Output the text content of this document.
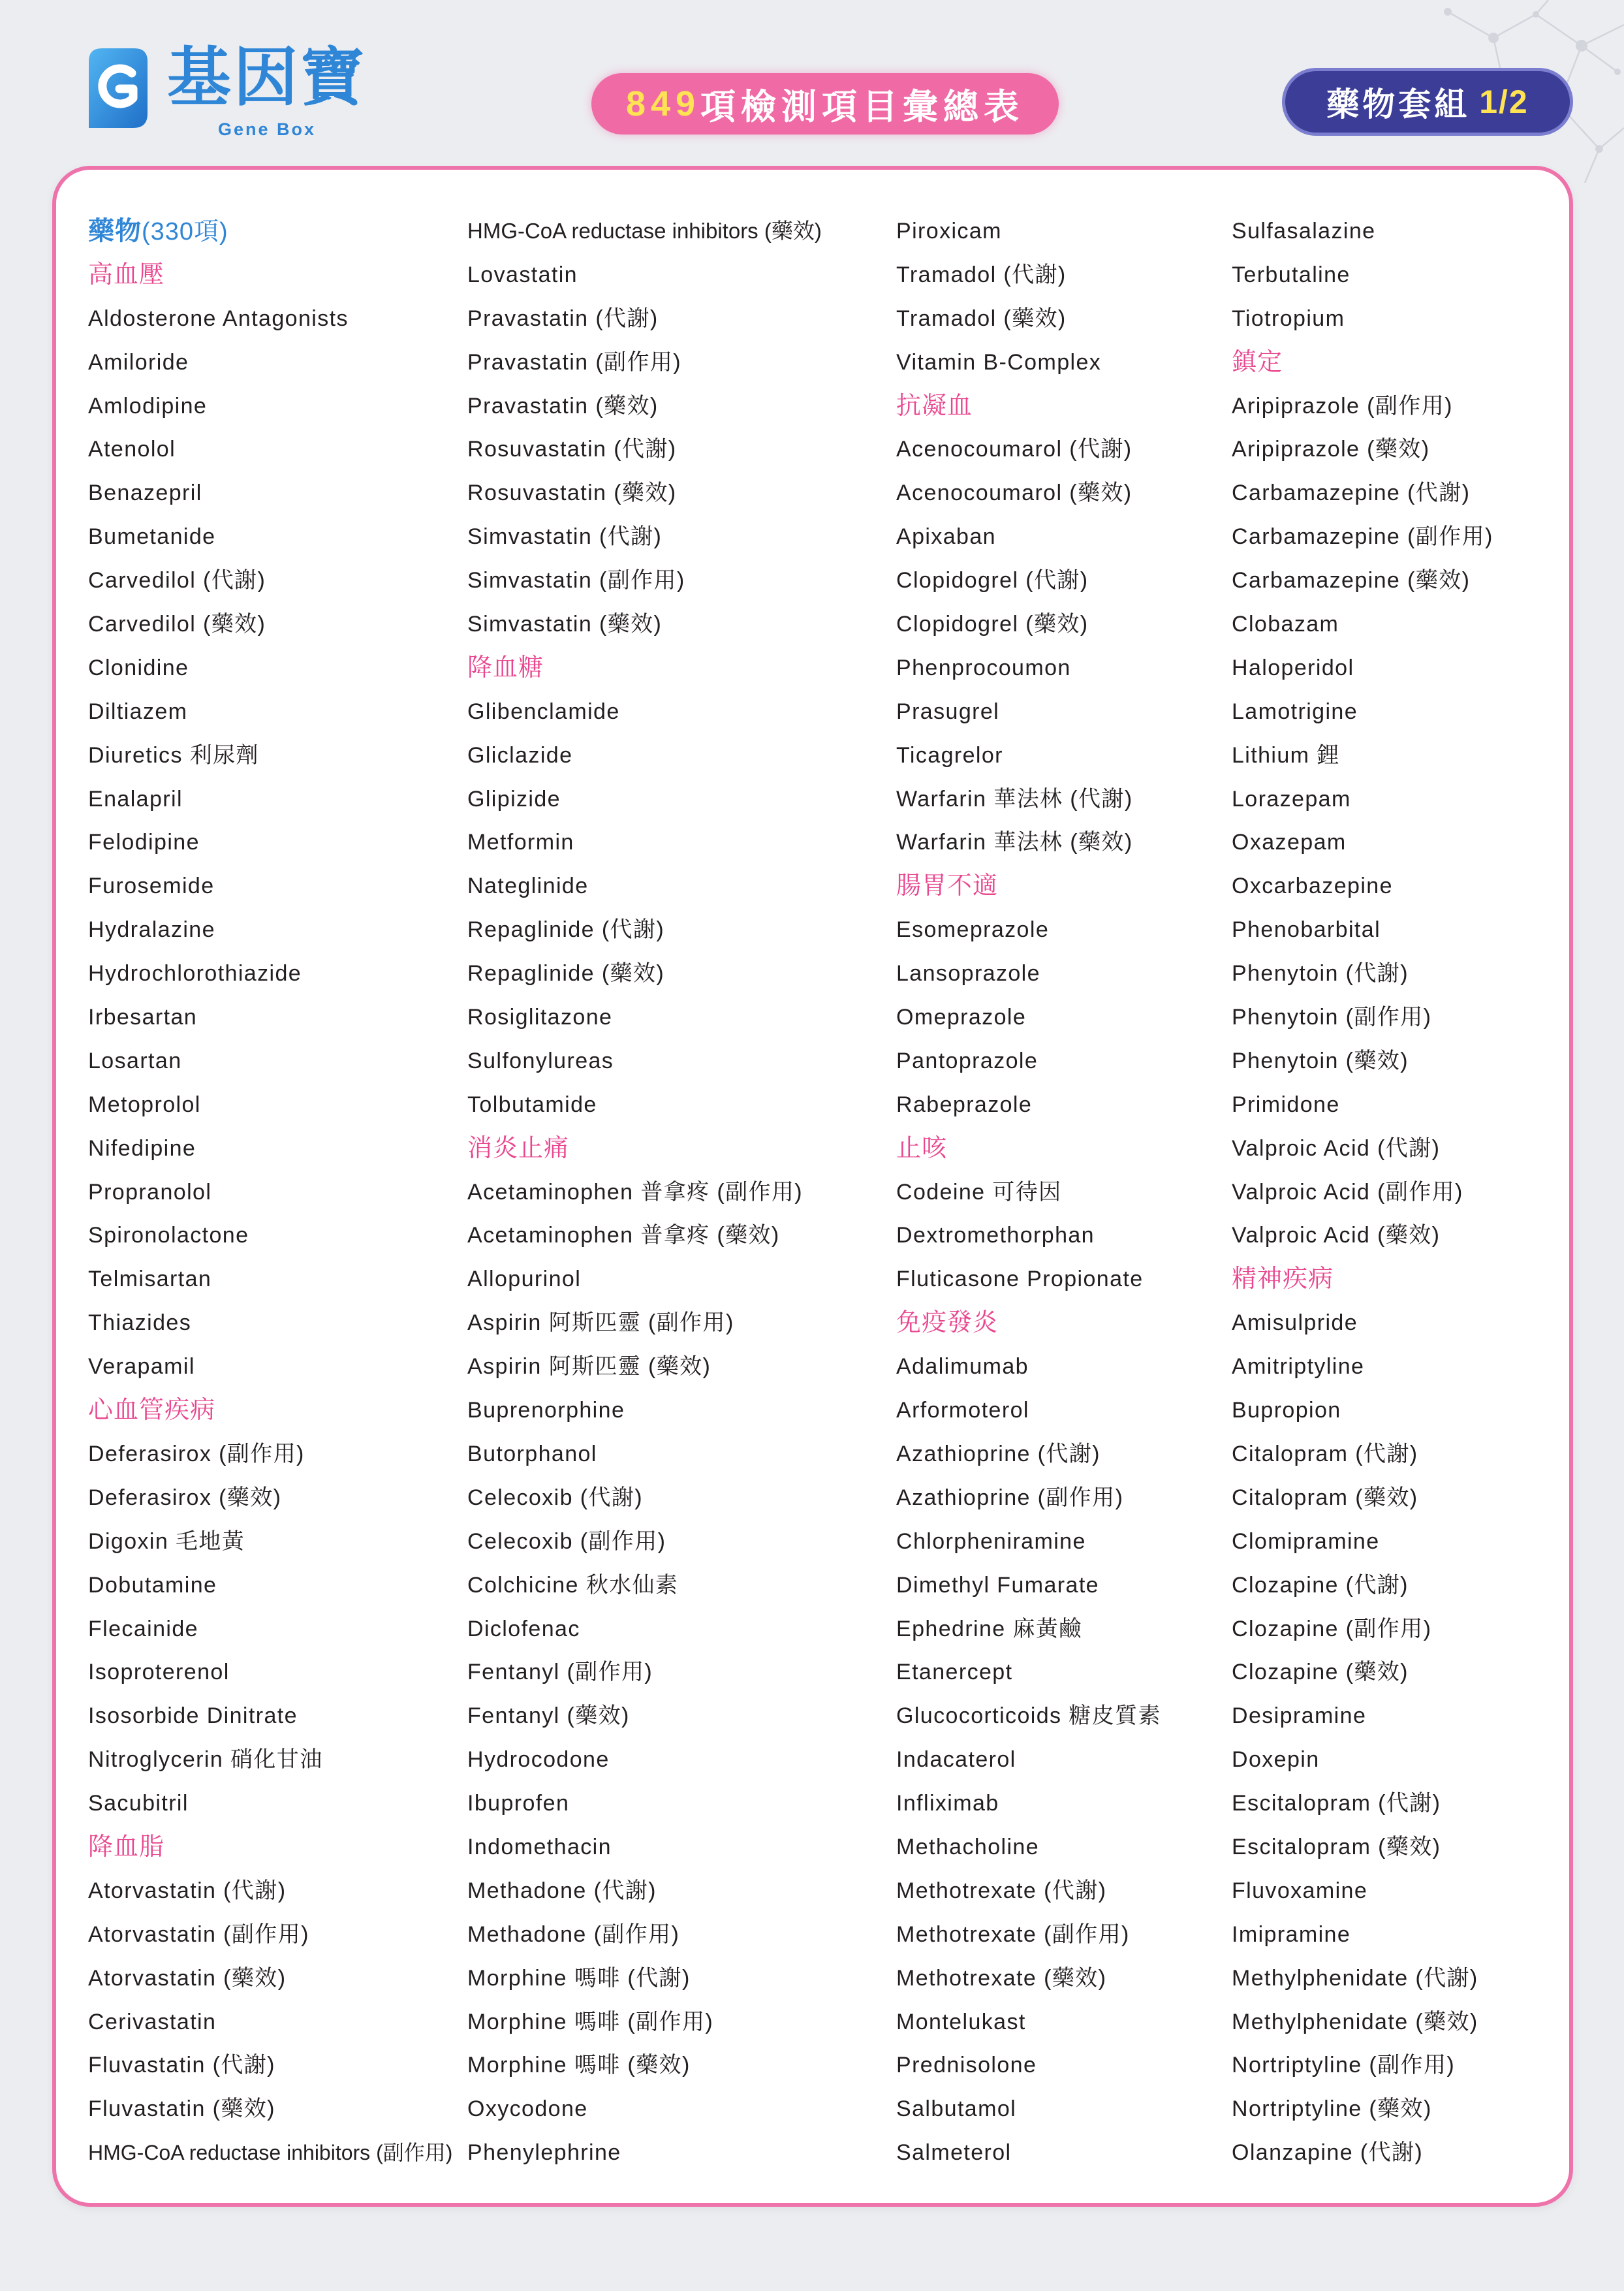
基因寶
Gene Box
849 項檢測項目彙總表	藥物套組 1/2
藥物(330項)
高血壓
Aldosterone Antagonists
Amiloride
Amlodipine
Atenolol
Benazepril
Bumetanide
Carvedilol (代謝)
Carvedilol (藥效)
Clonidine
Diltiazem
Diuretics 利尿劑
Enalapril
Felodipine
Furosemide
Hydralazine
Hydrochlorothiazide
Irbesartan
Losartan
Metoprolol
Nifedipine
Propranolol
Spironolactone
Telmisartan
Thiazides
Verapamil
心血管疾病
Deferasirox (副作用)
Deferasirox (藥效)
Digoxin 毛地黃
Dobutamine
Flecainide
Isoproterenol
Isosorbide Dinitrate
Nitroglycerin 硝化甘油
Sacubitril
降血脂
Atorvastatin (代謝)
Atorvastatin (副作用)
Atorvastatin (藥效)
Cerivastatin
Fluvastatin (代謝)
Fluvastatin (藥效)
HMG-CoA reductase inhibitors (副作用)
HMG-CoA reductase inhibitors (藥效)
Lovastatin
Pravastatin (代謝)
Pravastatin (副作用)
Pravastatin (藥效)
Rosuvastatin (代謝)
Rosuvastatin (藥效)
Simvastatin (代謝)
Simvastatin (副作用)
Simvastatin (藥效)
降血糖
Glibenclamide
Gliclazide
Glipizide
Metformin
Nateglinide
Repaglinide (代謝)
Repaglinide (藥效)
Rosiglitazone
Sulfonylureas
Tolbutamide
消炎止痛
Acetaminophen 普拿疼 (副作用)
Acetaminophen 普拿疼 (藥效)
Allopurinol
Aspirin 阿斯匹靈 (副作用)
Aspirin 阿斯匹靈 (藥效)
Buprenorphine
Butorphanol
Celecoxib (代謝)
Celecoxib (副作用)
Colchicine 秋水仙素
Diclofenac
Fentanyl (副作用)
Fentanyl (藥效)
Hydrocodone
Ibuprofen
Indomethacin
Methadone (代謝)
Methadone (副作用)
Morphine 嗎啡 (代謝)
Morphine 嗎啡 (副作用)
Morphine 嗎啡 (藥效)
Oxycodone
Phenylephrine
Piroxicam
Tramadol (代謝)
Tramadol (藥效)
Vitamin B-Complex
抗凝血
Acenocoumarol (代謝)
Acenocoumarol (藥效)
Apixaban
Clopidogrel (代謝)
Clopidogrel (藥效)
Phenprocoumon
Prasugrel
Ticagrelor
Warfarin 華法林 (代謝)
Warfarin 華法林 (藥效)
腸胃不適
Esomeprazole
Lansoprazole
Omeprazole
Pantoprazole
Rabeprazole
止咳
Codeine 可待因
Dextromethorphan
Fluticasone Propionate
免疫發炎
Adalimumab
Arformoterol
Azathioprine (代謝)
Azathioprine (副作用)
Chlorpheniramine
Dimethyl Fumarate
Ephedrine 麻黃鹼
Etanercept
Glucocorticoids 糖皮質素
Indacaterol
Infliximab
Methacholine
Methotrexate (代謝)
Methotrexate (副作用)
Methotrexate (藥效)
Montelukast
Prednisolone
Salbutamol
Salmeterol
Sulfasalazine
Terbutaline
Tiotropium
鎮定
Aripiprazole (副作用)
Aripiprazole (藥效)
Carbamazepine (代謝)
Carbamazepine (副作用)
Carbamazepine (藥效)
Clobazam
Haloperidol
Lamotrigine
Lithium 鋰
Lorazepam
Oxazepam
Oxcarbazepine
Phenobarbital
Phenytoin (代謝)
Phenytoin (副作用)
Phenytoin (藥效)
Primidone
Valproic Acid (代謝)
Valproic Acid (副作用)
Valproic Acid (藥效)
精神疾病
Amisulpride
Amitriptyline
Bupropion
Citalopram (代謝)
Citalopram (藥效)
Clomipramine
Clozapine (代謝)
Clozapine (副作用)
Clozapine (藥效)
Desipramine
Doxepin
Escitalopram (代謝)
Escitalopram (藥效)
Fluvoxamine
Imipramine
Methylphenidate (代謝)
Methylphenidate (藥效)
Nortriptyline (副作用)
Nortriptyline (藥效)
Olanzapine (代謝)
